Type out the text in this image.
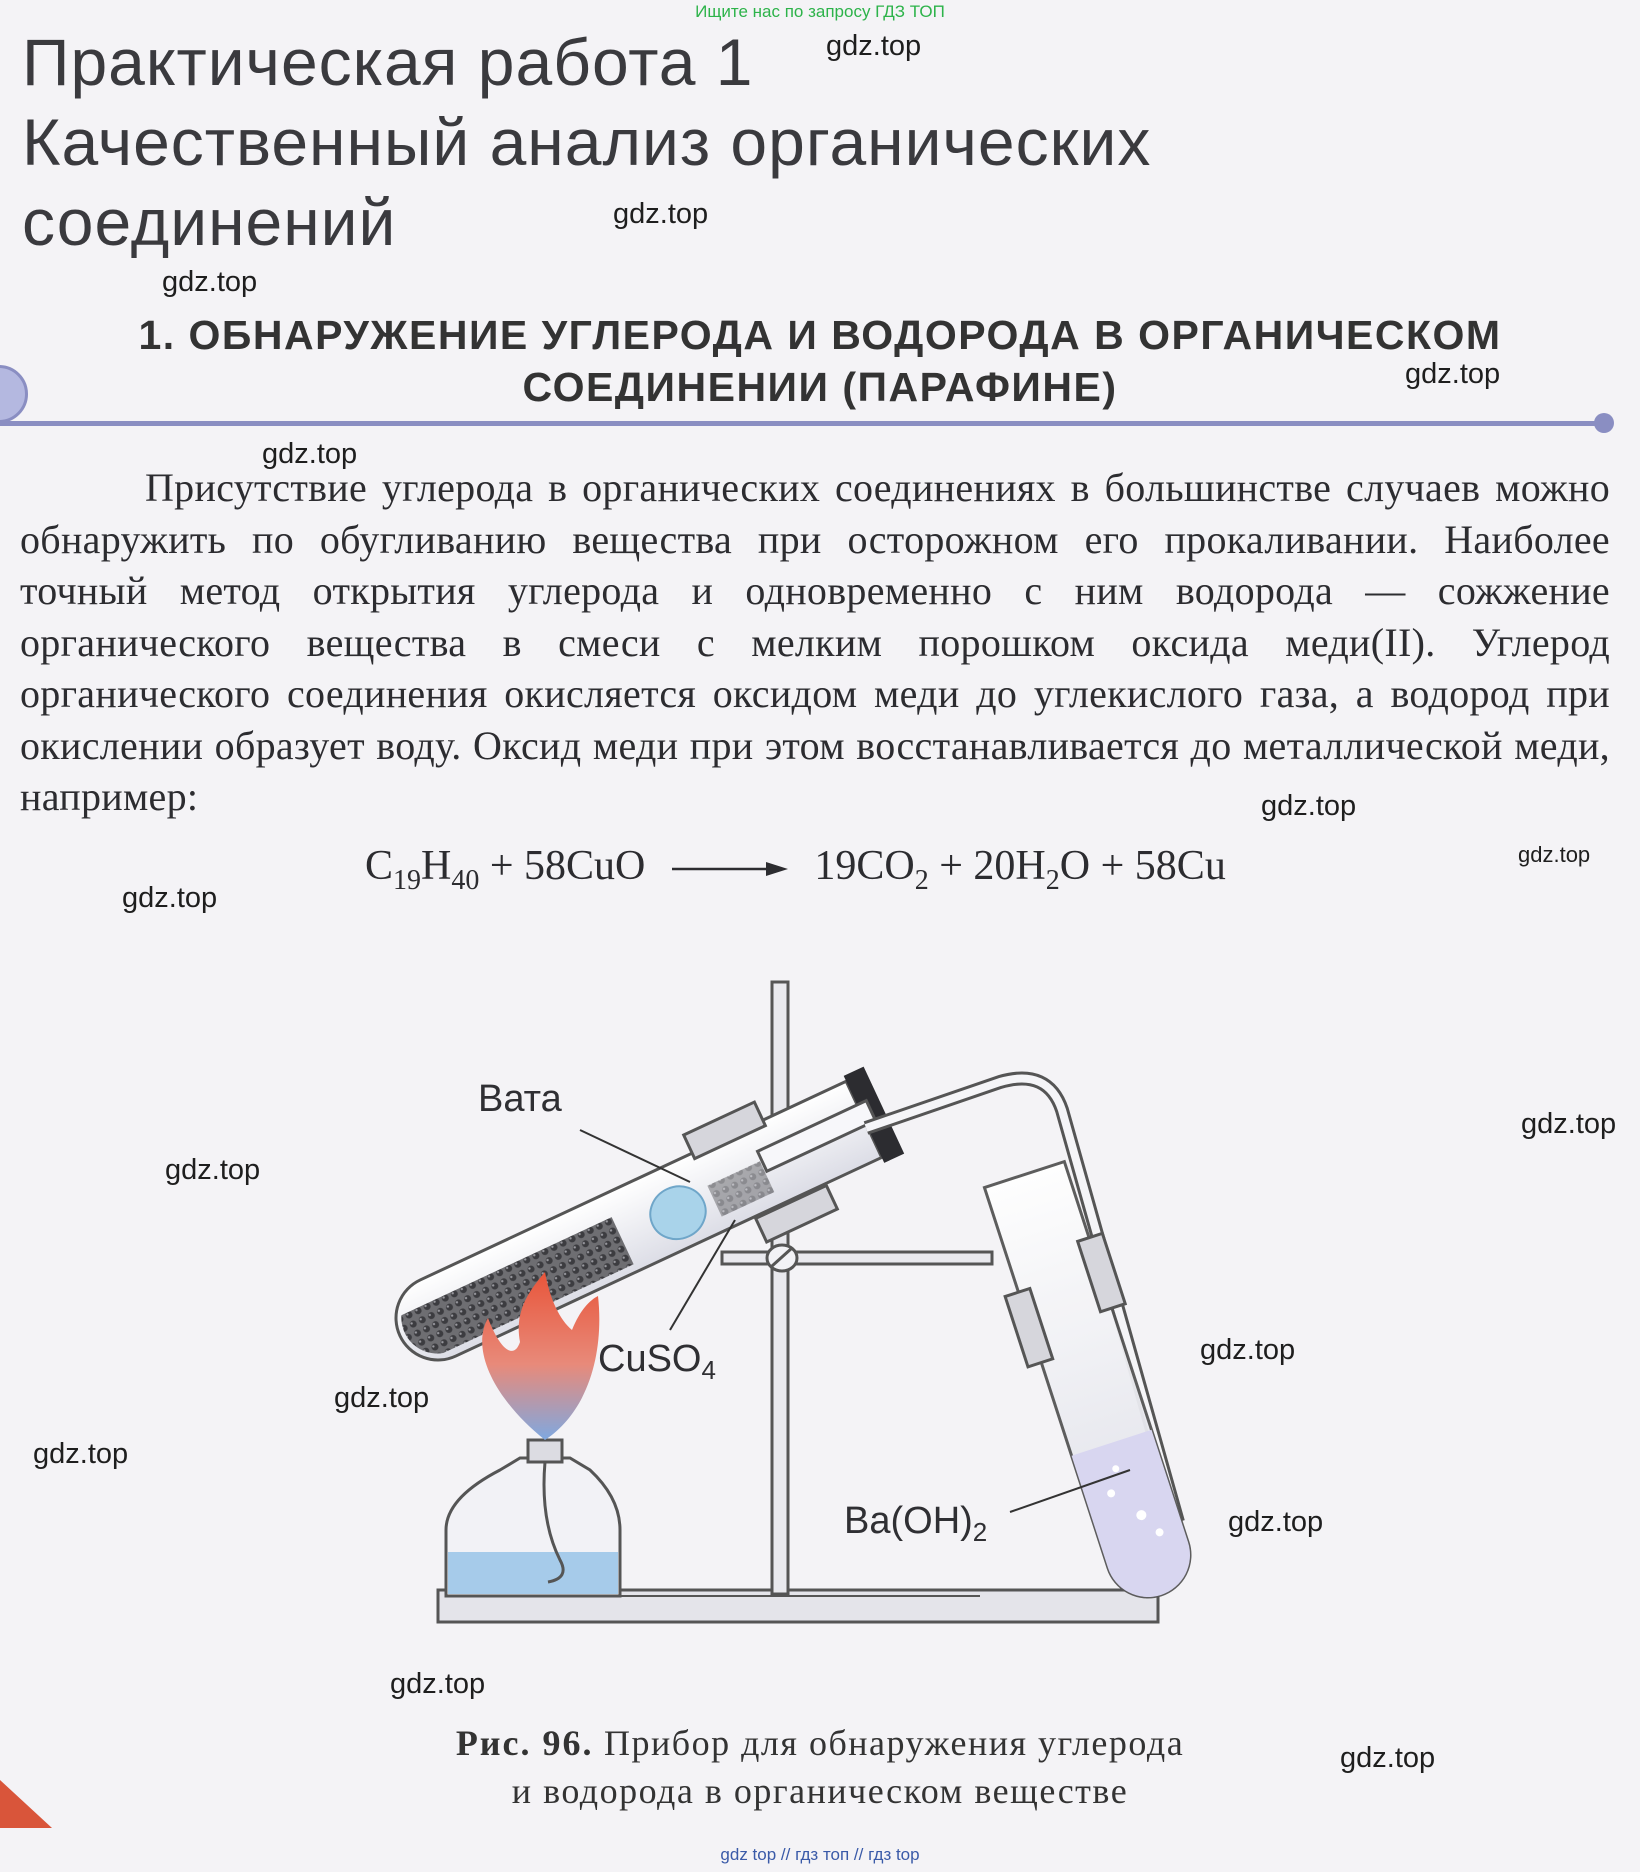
Ищите нас по запросу ГДЗ ТОП
Практическая работа 1
Качественный анализ органических
соединений
1. ОБНАРУЖЕНИЕ УГЛЕРОДА И ВОДОРОДА В ОРГАНИЧЕСКОМ
СОЕДИНЕНИИ (ПАРАФИНЕ)
Присутствие углерода в органических соединениях в большинстве случаев можно обнаружить по обугливанию вещества при осторожном его прокаливании. Наиболее точный метод открытия углерода и одновременно с ним водорода — сожжение органического вещества в смеси с мелким порошком оксида меди(II). Углерод органического соединения окисляется оксидом меди до углекислого газа, а водород при окислении образует воду. Оксид меди при этом восстанавливается до металлической меди, например:
$C_{19}H_{40} + 58CuO \to 19CO_2 + 20H_2O + 58Cu$
Вата
CuSO$_4$
$Ba(OH)_2$
Рис. 96. Прибор для обнаружения углерода
и водорода в органическом веществе
gdz.top
gdz.top
gdz.top
gdz.top
gdz.top
gdz.top
gdz.top
gdz.top
gdz.top
gdz.top
gdz.top
gdz.top
gdz.top
gdz.top
gdz.top
gdz.top
gdz top // гдз топ // гдз top
